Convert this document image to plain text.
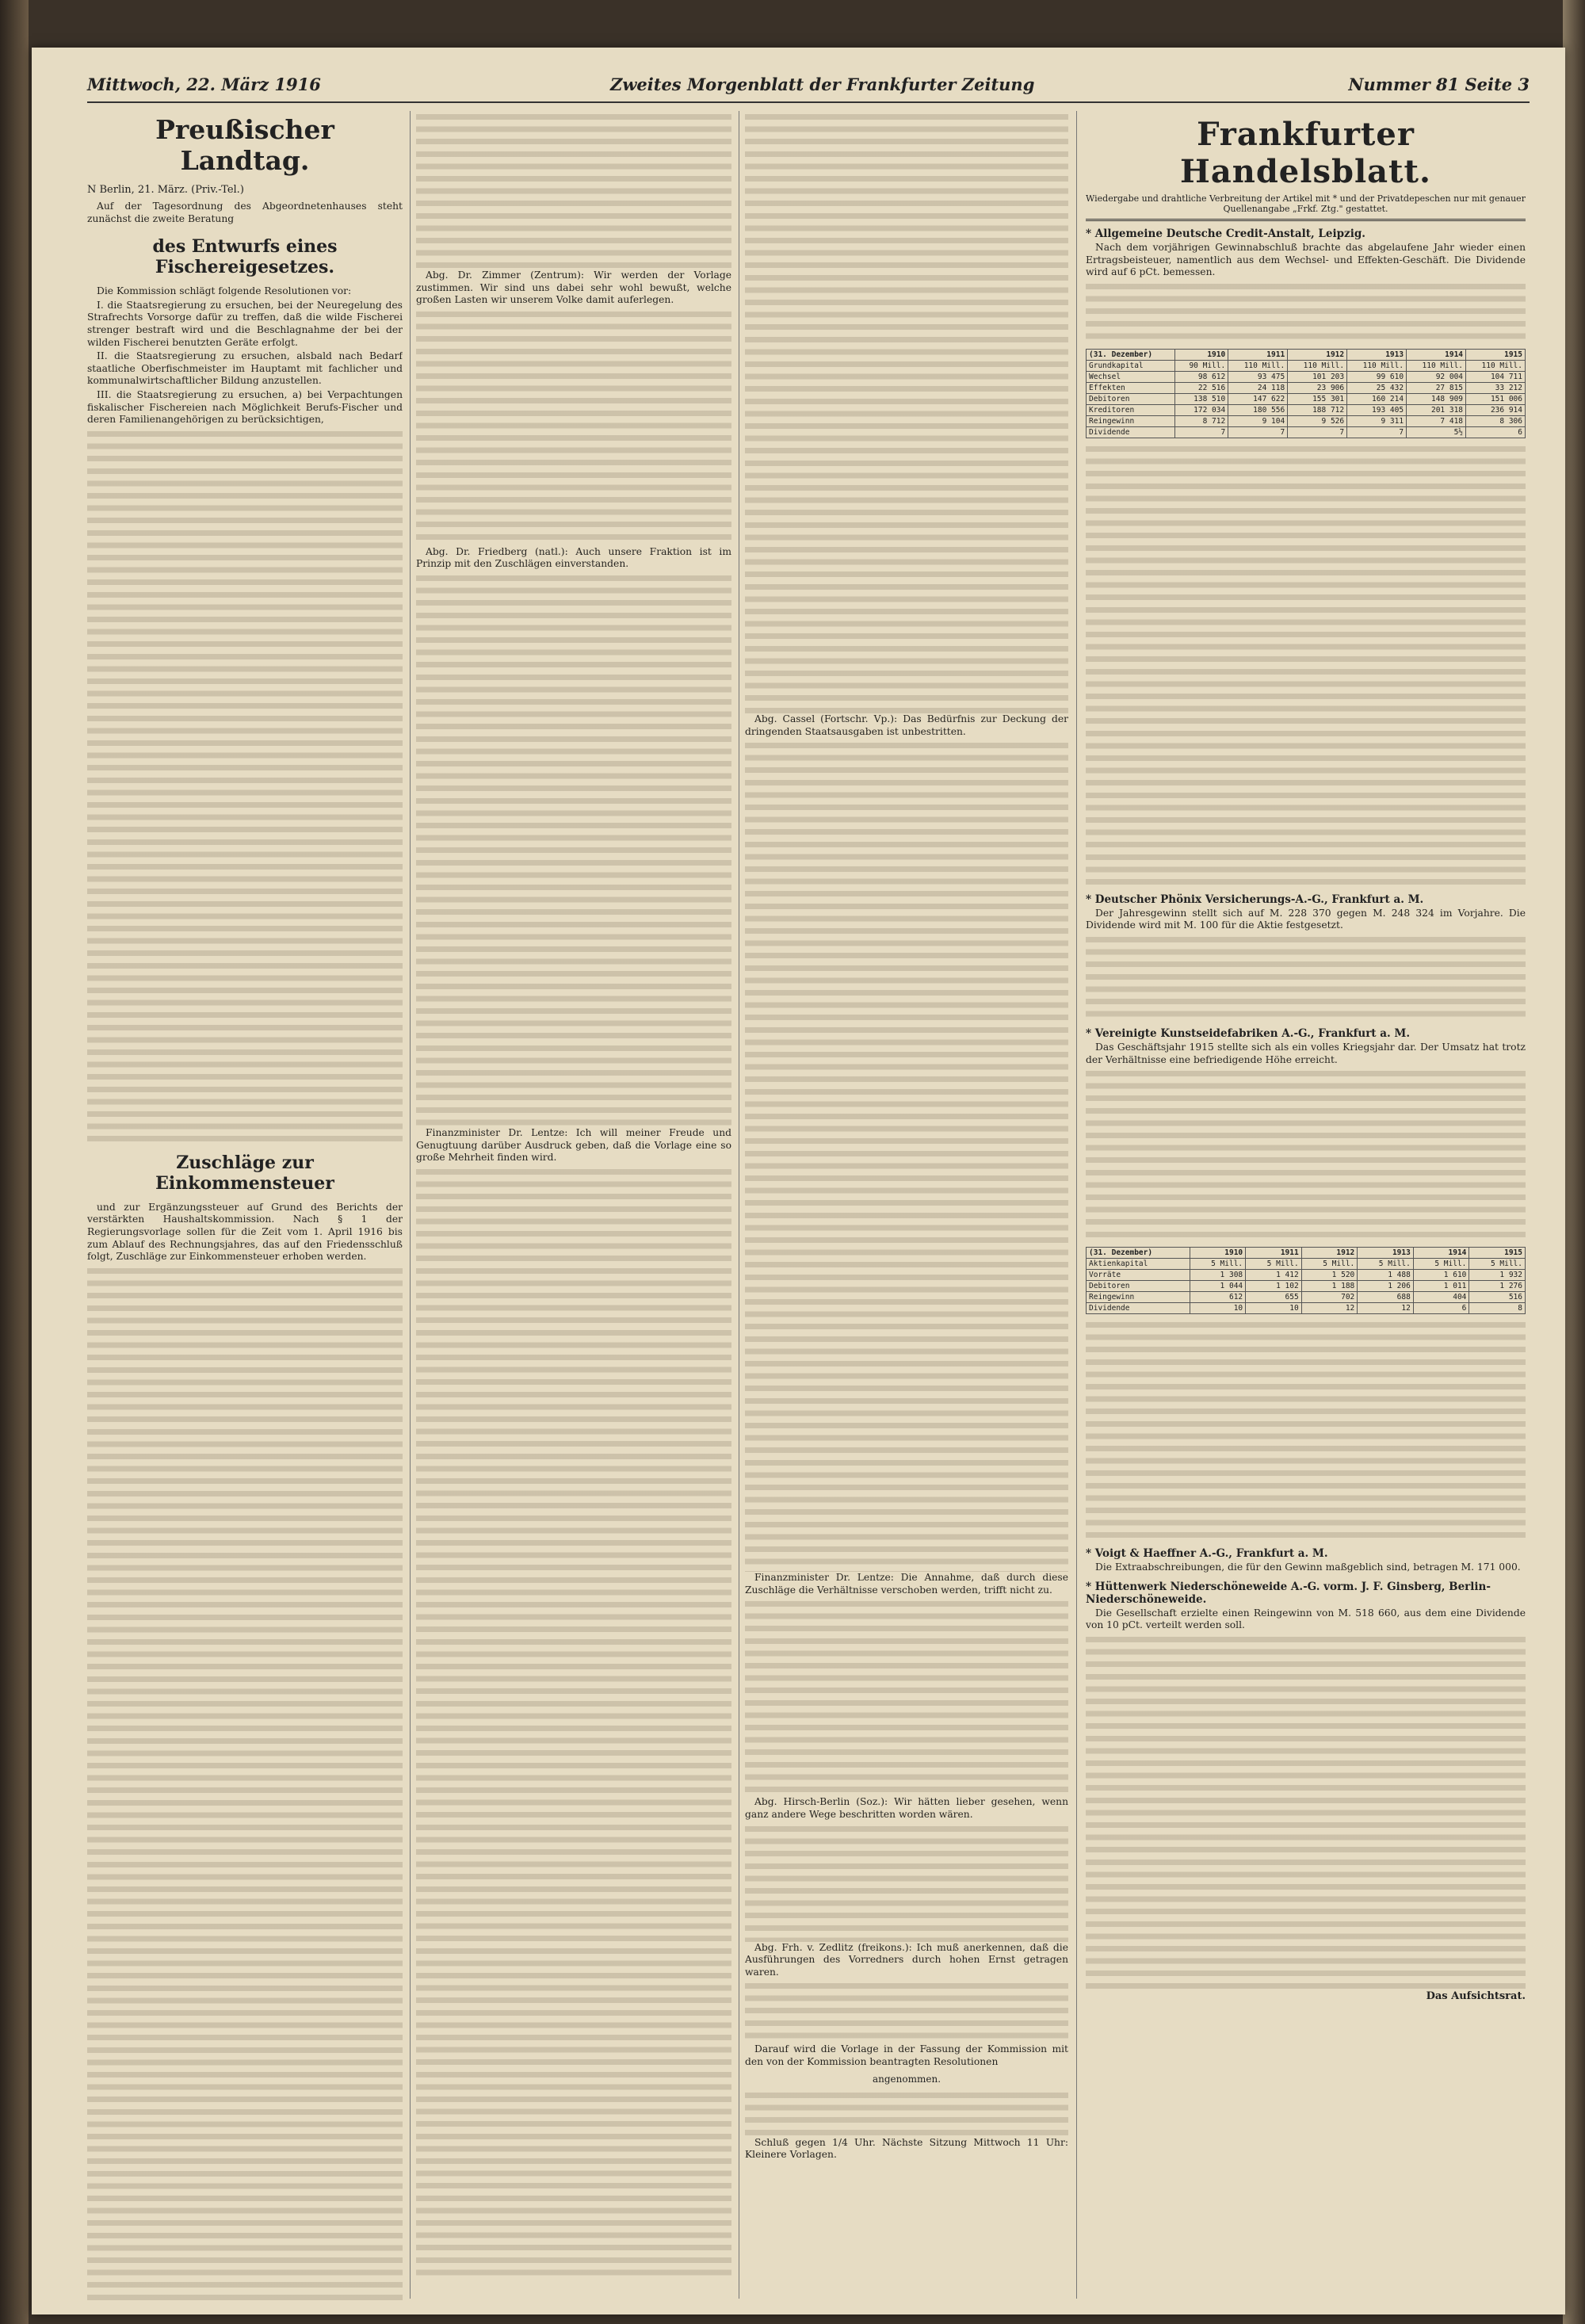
Mittwoch, 22. März 1916	Zweites Morgenblatt der Frankfurter Zeitung	Nummer 81 Seite 3
Preußischer Landtag.
N Berlin, 21. März. (Priv.-Tel.)

Auf der Tagesordnung des Abgeordnetenhauses steht zunächst die zweite Beratung

des Entwurfs eines Fischereigesetzes.

Die Kommission schlägt folgende Resolutionen vor:

I. die Staatsregierung zu ersuchen, bei der Neuregelung des Strafrechts Vorsorge dafür zu treffen, daß die wilde Fischerei strenger bestraft wird und die Beschlagnahme der bei der wilden Fischerei benutzten Geräte erfolgt.

II. die Staatsregierung zu ersuchen, alsbald nach Bedarf staatliche Oberfischmeister im Hauptamt mit fachlicher und kommunalwirtschaftlicher Bildung anzustellen.

III. die Staatsregierung zu ersuchen, a) bei Verpachtungen fiskalischer Fischereien nach Möglichkeit Berufs-Fischer und deren Familienangehörigen zu berücksichtigen,

Zuschläge zur Einkommensteuer

und zur Ergänzungssteuer auf Grund des Berichts der verstärkten Haushaltskommission. Nach § 1 der Regierungsvorlage sollen für die Zeit vom 1. April 1916 bis zum Ablauf des Rechnungsjahres, das auf den Friedensschluß folgt, Zuschläge zur Einkommensteuer erhoben werden.

Abg. Dr. Zimmer (Zentrum): Wir werden der Vorlage zustimmen. Wir sind uns dabei sehr wohl bewußt, welche großen Lasten wir unserem Volke damit auferlegen.

Abg. Dr. Friedberg (natl.): Auch unsere Fraktion ist im Prinzip mit den Zuschlägen einverstanden.

Finanzminister Dr. Lentze: Ich will meiner Freude und Genugtuung darüber Ausdruck geben, daß die Vorlage eine so große Mehrheit finden wird.

Abg. Cassel (Fortschr. Vp.): Das Bedürfnis zur Deckung der dringenden Staatsausgaben ist unbestritten.

Finanzminister Dr. Lentze: Die Annahme, daß durch diese Zuschläge die Verhältnisse verschoben werden, trifft nicht zu.

Abg. Hirsch-Berlin (Soz.): Wir hätten lieber gesehen, wenn ganz andere Wege beschritten worden wären.

Abg. Frh. v. Zedlitz (freikons.): Ich muß anerkennen, daß die Ausführungen des Vorredners durch hohen Ernst getragen waren.

Darauf wird die Vorlage in der Fassung der Kommission mit den von der Kommission beantragten Resolutionen

angenommen.

Schluß gegen 1/4 Uhr. Nächste Sitzung Mittwoch 11 Uhr: Kleinere Vorlagen.

Frankfurter Handelsblatt.
Wiedergabe und drahtliche Verbreitung der Artikel mit * und der Privatdepeschen nur mit genauer Quellenangabe „Frkf. Ztg." gestattet.
* Allgemeine Deutsche Credit-Anstalt, Leipzig.

Nach dem vorjährigen Gewinnabschluß brachte das abgelaufene Jahr wieder einen Ertragsbeisteuer, namentlich aus dem Wechsel- und Effekten-Geschäft. Die Dividende wird auf 6 pCt. bemessen.

(31. Dezember)	1910	1911	1912	1913	1914	1915
Grundkapital	90 Mill.	110 Mill.	110 Mill.	110 Mill.	110 Mill.	110 Mill.
Wechsel	98 612	93 475	101 203	99 610	92 004	104 711
Effekten	22 516	24 118	23 906	25 432	27 815	33 212
Debitoren	138 510	147 622	155 301	160 214	148 909	151 006
Kreditoren	172 034	180 556	188 712	193 405	201 318	236 914
Reingewinn	8 712	9 104	9 526	9 311	7 418	8 306
Dividende	7	7	7	7	5½	6
* Deutscher Phönix Versicherungs-A.-G., Frankfurt a. M.

Der Jahresgewinn stellt sich auf M. 228 370 gegen M. 248 324 im Vorjahre. Die Dividende wird mit M. 100 für die Aktie festgesetzt.

* Vereinigte Kunstseidefabriken A.-G., Frankfurt a. M.

Das Geschäftsjahr 1915 stellte sich als ein volles Kriegsjahr dar. Der Umsatz hat trotz der Verhältnisse eine befriedigende Höhe erreicht.

(31. Dezember)	1910	1911	1912	1913	1914	1915
Aktienkapital	5 Mill.	5 Mill.	5 Mill.	5 Mill.	5 Mill.	5 Mill.
Vorräte	1 308	1 412	1 520	1 488	1 610	1 932
Debitoren	1 044	1 102	1 188	1 206	1 011	1 276
Reingewinn	612	655	702	688	404	516
Dividende	10	10	12	12	6	8
* Voigt & Haeffner A.-G., Frankfurt a. M.

Die Extraabschreibungen, die für den Gewinn maßgeblich sind, betragen M. 171 000.

* Hüttenwerk Niederschöneweide A.-G. vorm. J. F. Ginsberg, Berlin-Niederschöneweide.

Die Gesellschaft erzielte einen Reingewinn von M. 518 660, aus dem eine Dividende von 10 pCt. verteilt werden soll.

Das Aufsichtsrat.
